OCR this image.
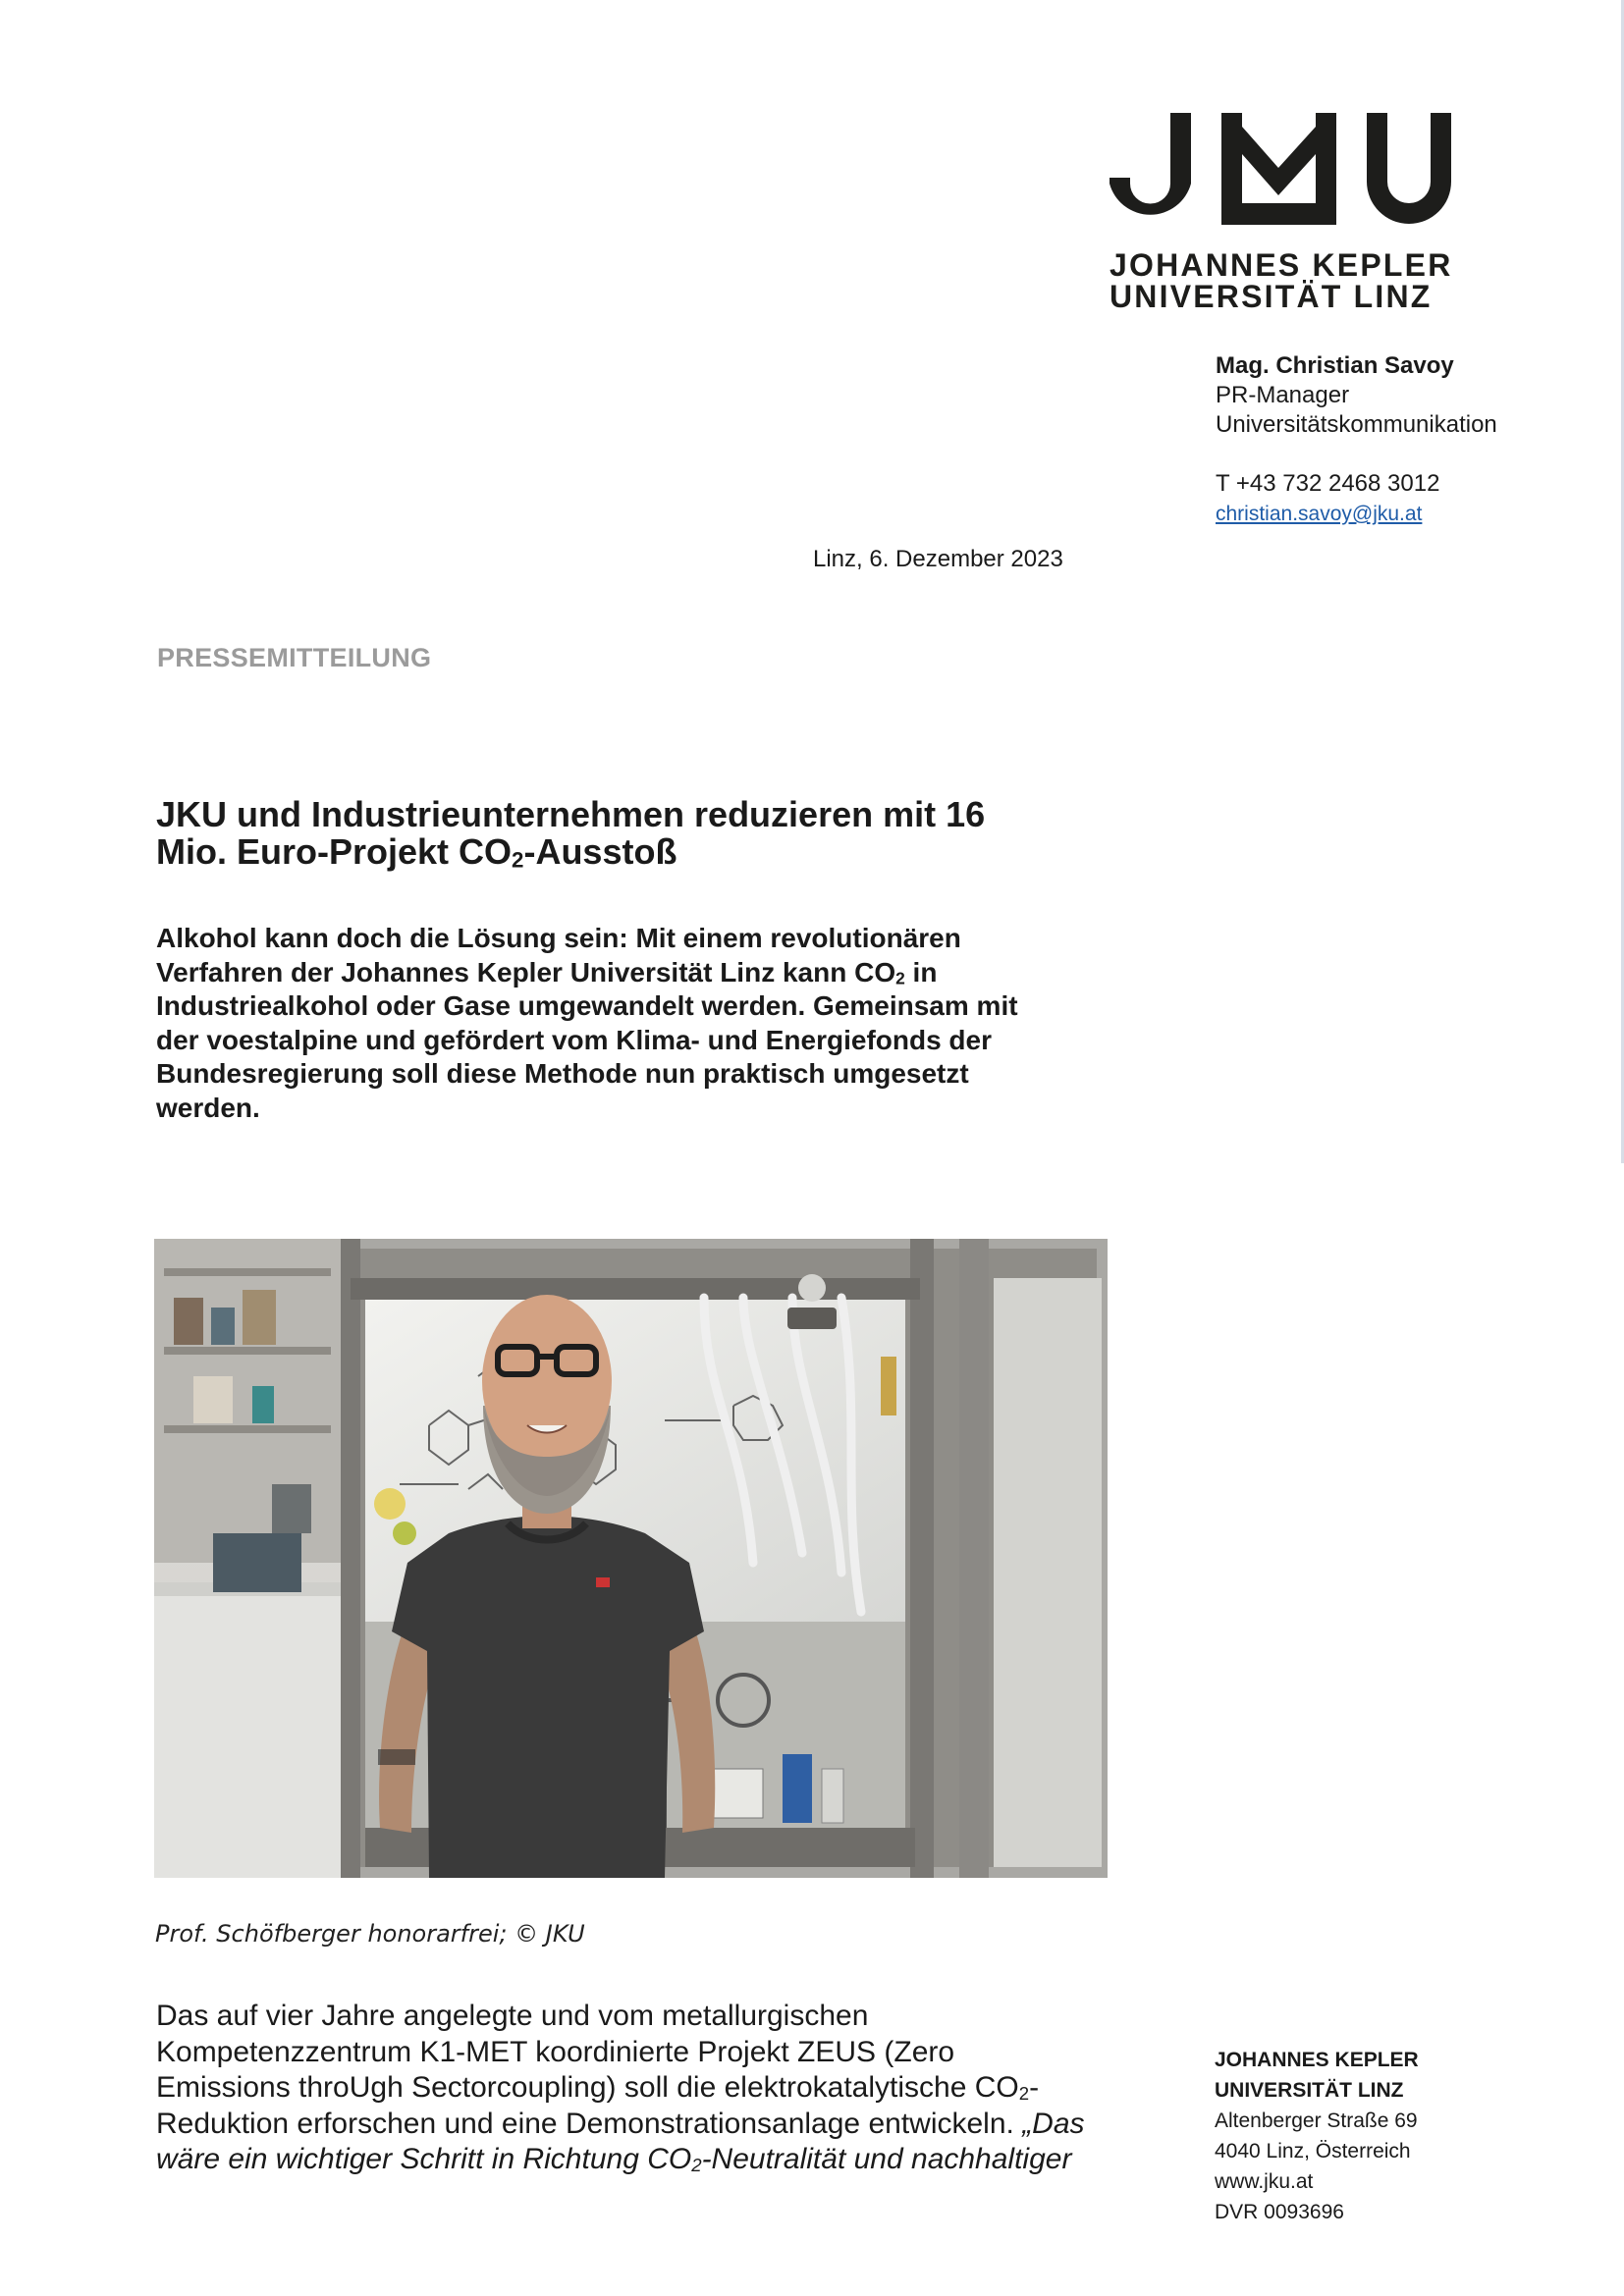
JOHANNES KEPLER
UNIVERSITÄT LINZ
Mag. Christian Savoy
PR-Manager
Universitätskommunikation
T +43 732 2468 3012
christian.savoy@jku.at
Linz, 6. Dezember 2023
PRESSEMITTEILUNG
JKU und Industrieunternehmen reduzieren mit 16
Mio. Euro-Projekt $CO_2$-Ausstoß
Alkohol kann doch die Lösung sein: Mit einem revolutionären
Verfahren der Johannes Kepler Universität Linz kann $CO_2$ in
Industriealkohol oder Gase umgewandelt werden. Gemeinsam mit
der voestalpine und gefördert vom Klima- und Energiefonds der
Bundesregierung soll diese Methode nun praktisch umgesetzt
werden.
Prof. Schöfberger honorarfrei; © JKU
Das auf vier Jahre angelegte und vom metallurgischen
Kompetenzzentrum K1-MET koordinierte Projekt ZEUS (Zero
Emissions throUgh Sectorcoupling) soll die elektrokatalytische $CO_2-$
Reduktion erforschen und eine Demonstrationsanlage entwickeln. „Das
wäre ein wichtiger Schritt in Richtung $CO_2$-Neutralität und nachhaltiger
JOHANNES KEPLER
UNIVERSITÄT LINZ
Altenberger Straße 69
4040 Linz, Österreich
www.jku.at
DVR 0093696
